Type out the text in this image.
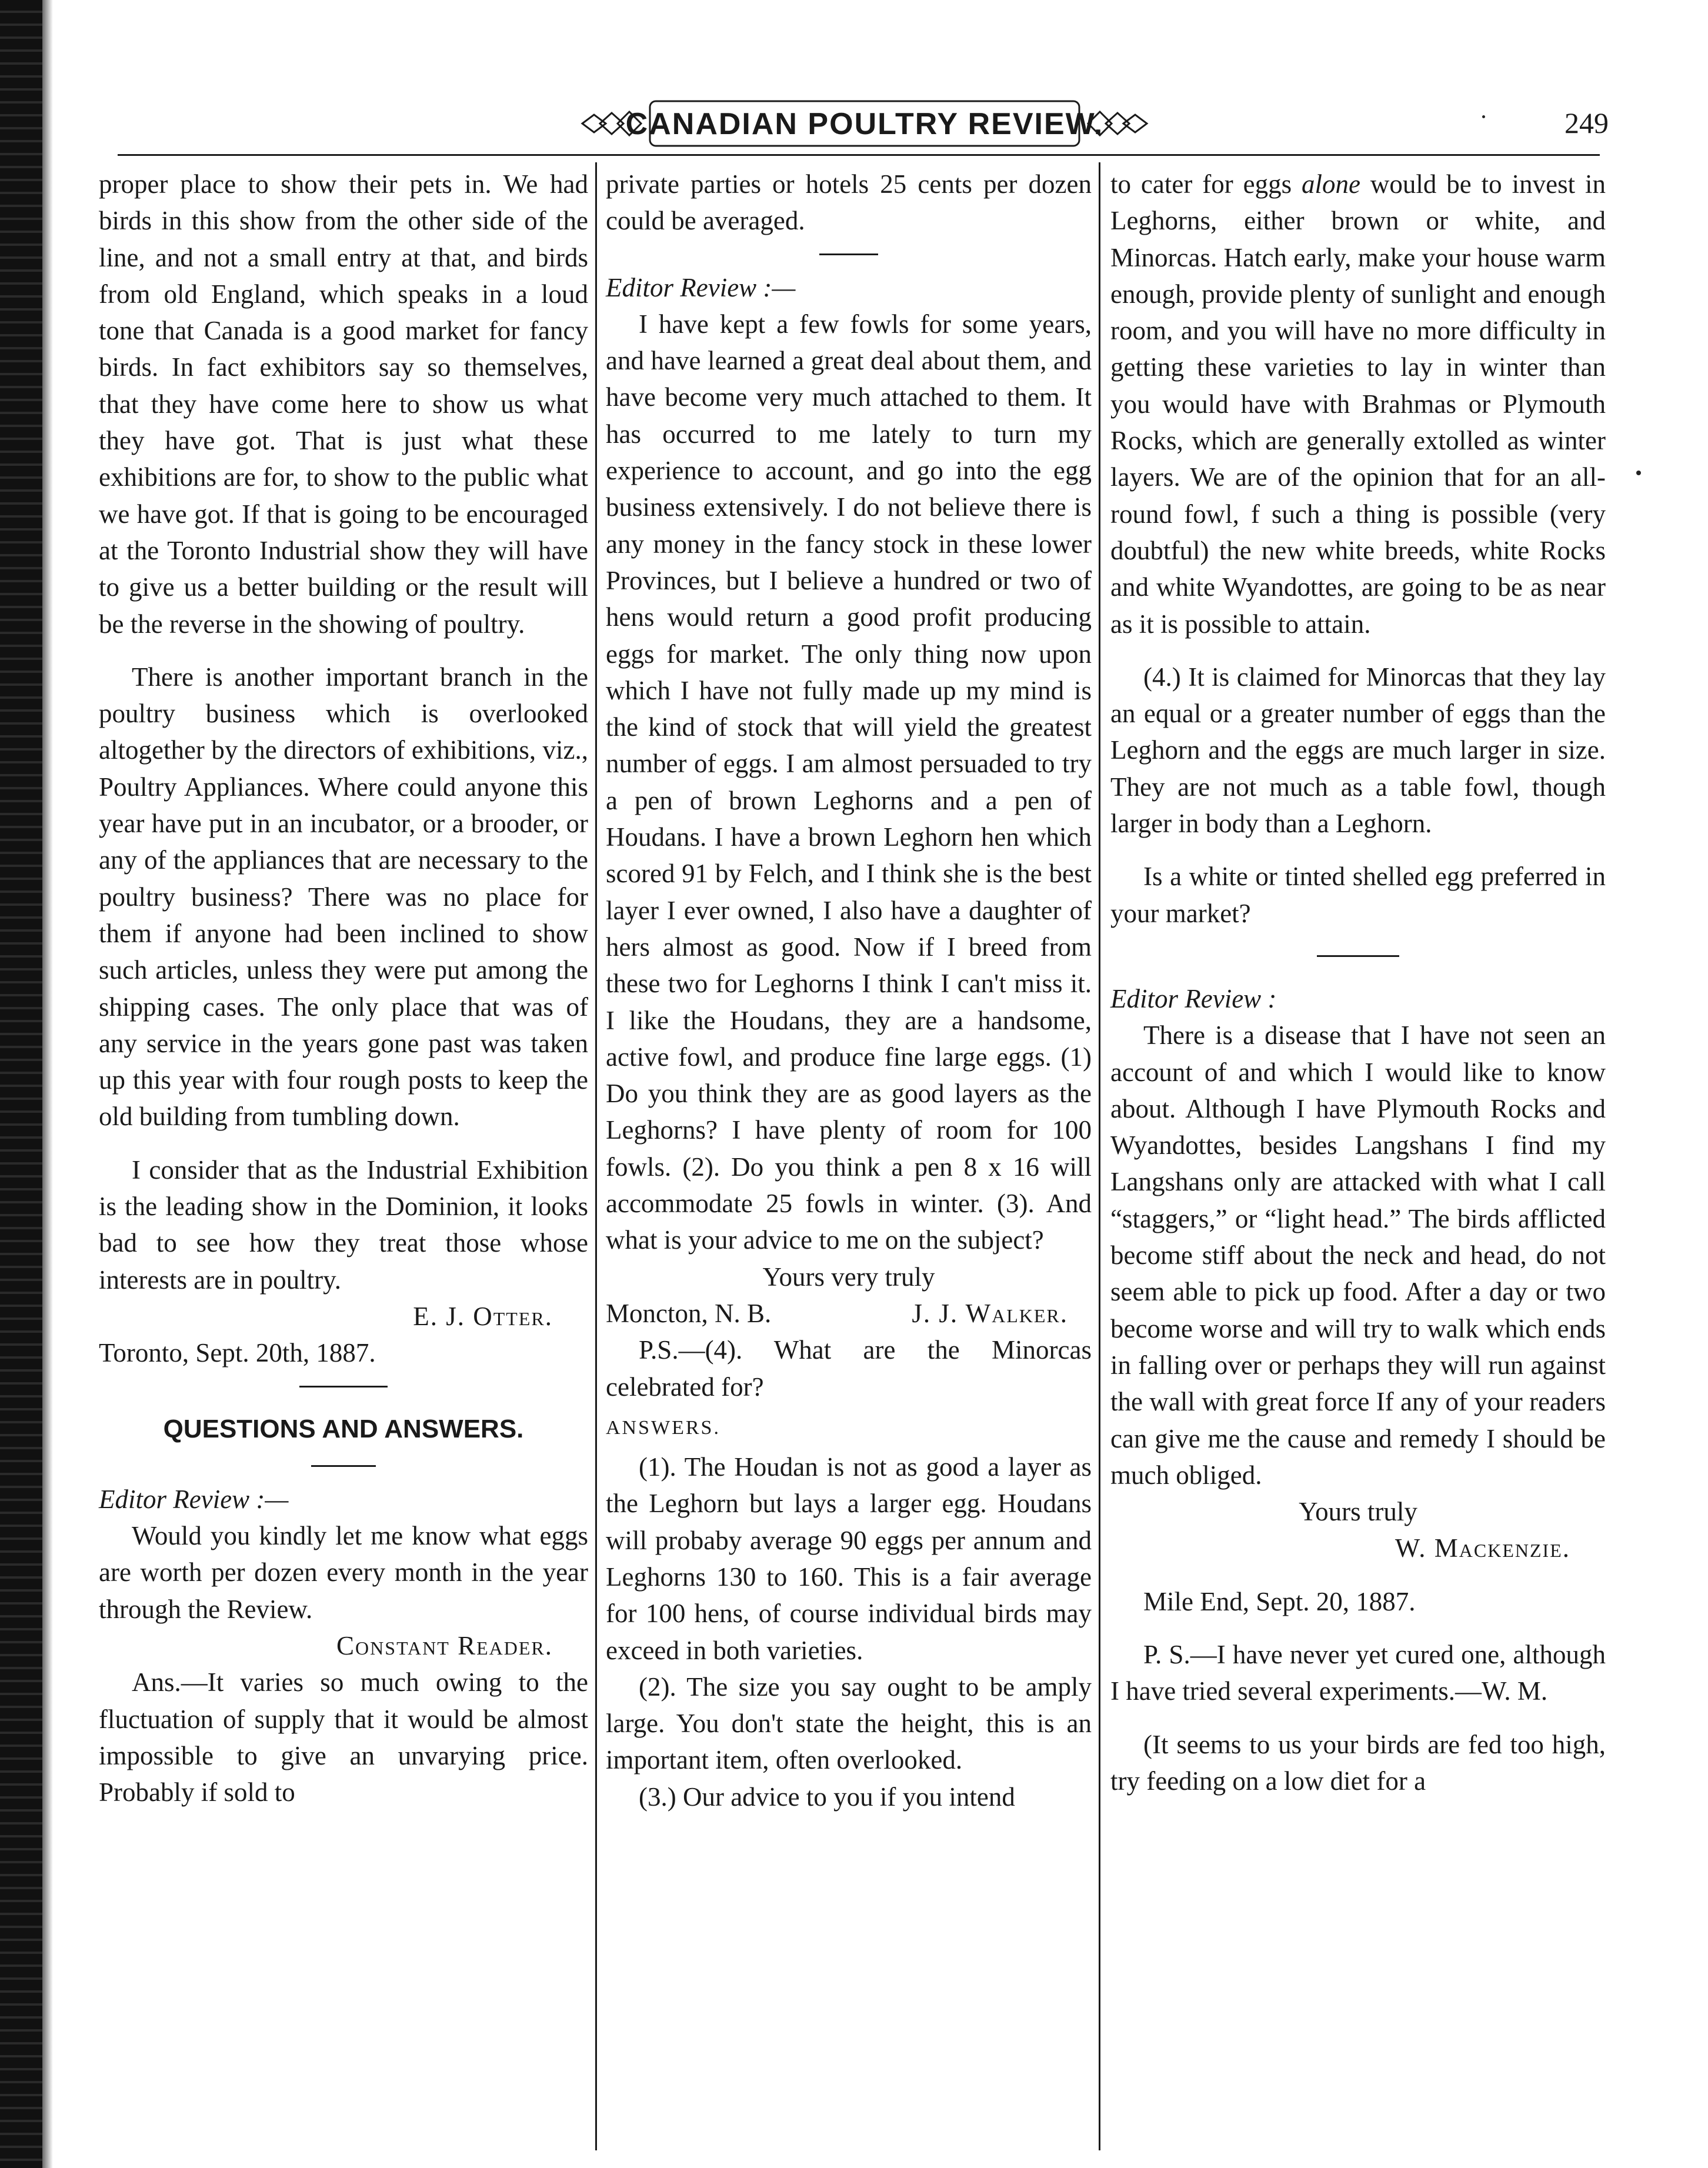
CANADIAN POULTRY REVIEW.	249

proper place to show their pets in. We had birds in this show from the other side of the line, and not a small entry at that, and birds from old England, which speaks in a loud tone that Canada is a good market for fancy birds. In fact exhibitors say so themselves, that they have come here to show us what they have got. That is just what these exhibitions are for, to show to the public what we have got. If that is going to be encouraged at the Toronto Industrial show they will have to give us a better building or the result will be the reverse in the showing of poultry.

There is another important branch in the poultry business which is overlooked altogether by the directors of exhibitions, viz., Poultry Appliances. Where could anyone this year have put in an incubator, or a brooder, or any of the appliances that are necessary to the poultry business? There was no place for them if anyone had been inclined to show such articles, unless they were put among the shipping cases. The only place that was of any service in the years gone past was taken up this year with four rough posts to keep the old building from tumbling down.

I consider that as the Industrial Exhibition is the leading show in the Dominion, it looks bad to see how they treat those whose interests are in poultry.

E. J. Otter.

Toronto, Sept. 20th, 1887.

QUESTIONS AND ANSWERS.

Editor Review :—

Would you kindly let me know what eggs are worth per dozen every month in the year through the Review.

Constant Reader.

Ans.—It varies so much owing to the fluctuation of supply that it would be almost impossible to give an unvarying price. Probably if sold to

private parties or hotels 25 cents per dozen could be averaged.

Editor Review :—

I have kept a few fowls for some years, and have learned a great deal about them, and have become very much attached to them. It has occurred to me lately to turn my experience to account, and go into the egg business extensively. I do not believe there is any money in the fancy stock in these lower Provinces, but I believe a hundred or two of hens would return a good profit producing eggs for market. The only thing now upon which I have not fully made up my mind is the kind of stock that will yield the greatest number of eggs. I am almost persuaded to try a pen of brown Leghorns and a pen of Houdans. I have a brown Leghorn hen which scored 91 by Felch, and I think she is the best layer I ever owned, I also have a daughter of hers almost as good. Now if I breed from these two for Leghorns I think I can't miss it. I like the Houdans, they are a handsome, active fowl, and produce fine large eggs. (1) Do you think they are as good layers as the Leghorns? I have plenty of room for 100 fowls. (2). Do you think a pen 8 x 16 will accommodate 25 fowls in winter. (3). And what is your advice to me on the subject?

Yours very truly

Moncton, N. B.	J. J. Walker.

P.S.—(4). What are the Minorcas celebrated for?

ANSWERS.

(1). The Houdan is not as good a layer as the Leghorn but lays a larger egg. Houdans will probaby average 90 eggs per annum and Leghorns 130 to 160. This is a fair average for 100 hens, of course individual birds may exceed in both varieties.

(2). The size you say ought to be amply large. You don't state the height, this is an important item, often overlooked.

(3.) Our advice to you if you intend

to cater for eggs alone would be to invest in Leghorns, either brown or white, and Minorcas. Hatch early, make your house warm enough, provide plenty of sunlight and enough room, and you will have no more difficulty in getting these varieties to lay in winter than you would have with Brahmas or Plymouth Rocks, which are generally extolled as winter layers. We are of the opinion that for an all-round fowl, f such a thing is possible (very doubtful) the new white breeds, white Rocks and white Wyandottes, are going to be as near as it is possible to attain.

(4.) It is claimed for Minorcas that they lay an equal or a greater number of eggs than the Leghorn and the eggs are much larger in size. They are not much as a table fowl, though larger in body than a Leghorn.

Is a white or tinted shelled egg preferred in your market?

Editor Review :

There is a disease that I have not seen an account of and which I would like to know about. Although I have Plymouth Rocks and Wyandottes, besides Langshans I find my Langshans only are attacked with what I call “staggers,” or “light head.” The birds afflicted become stiff about the neck and head, do not seem able to pick up food. After a day or two become worse and will try to walk which ends in falling over or perhaps they will run against the wall with great force If any of your readers can give me the cause and remedy I should be much obliged.

Yours truly

W. Mackenzie.

Mile End, Sept. 20, 1887.

P. S.—I have never yet cured one, although I have tried several experiments.—W. M.

(It seems to us your birds are fed too high, try feeding on a low diet for a
